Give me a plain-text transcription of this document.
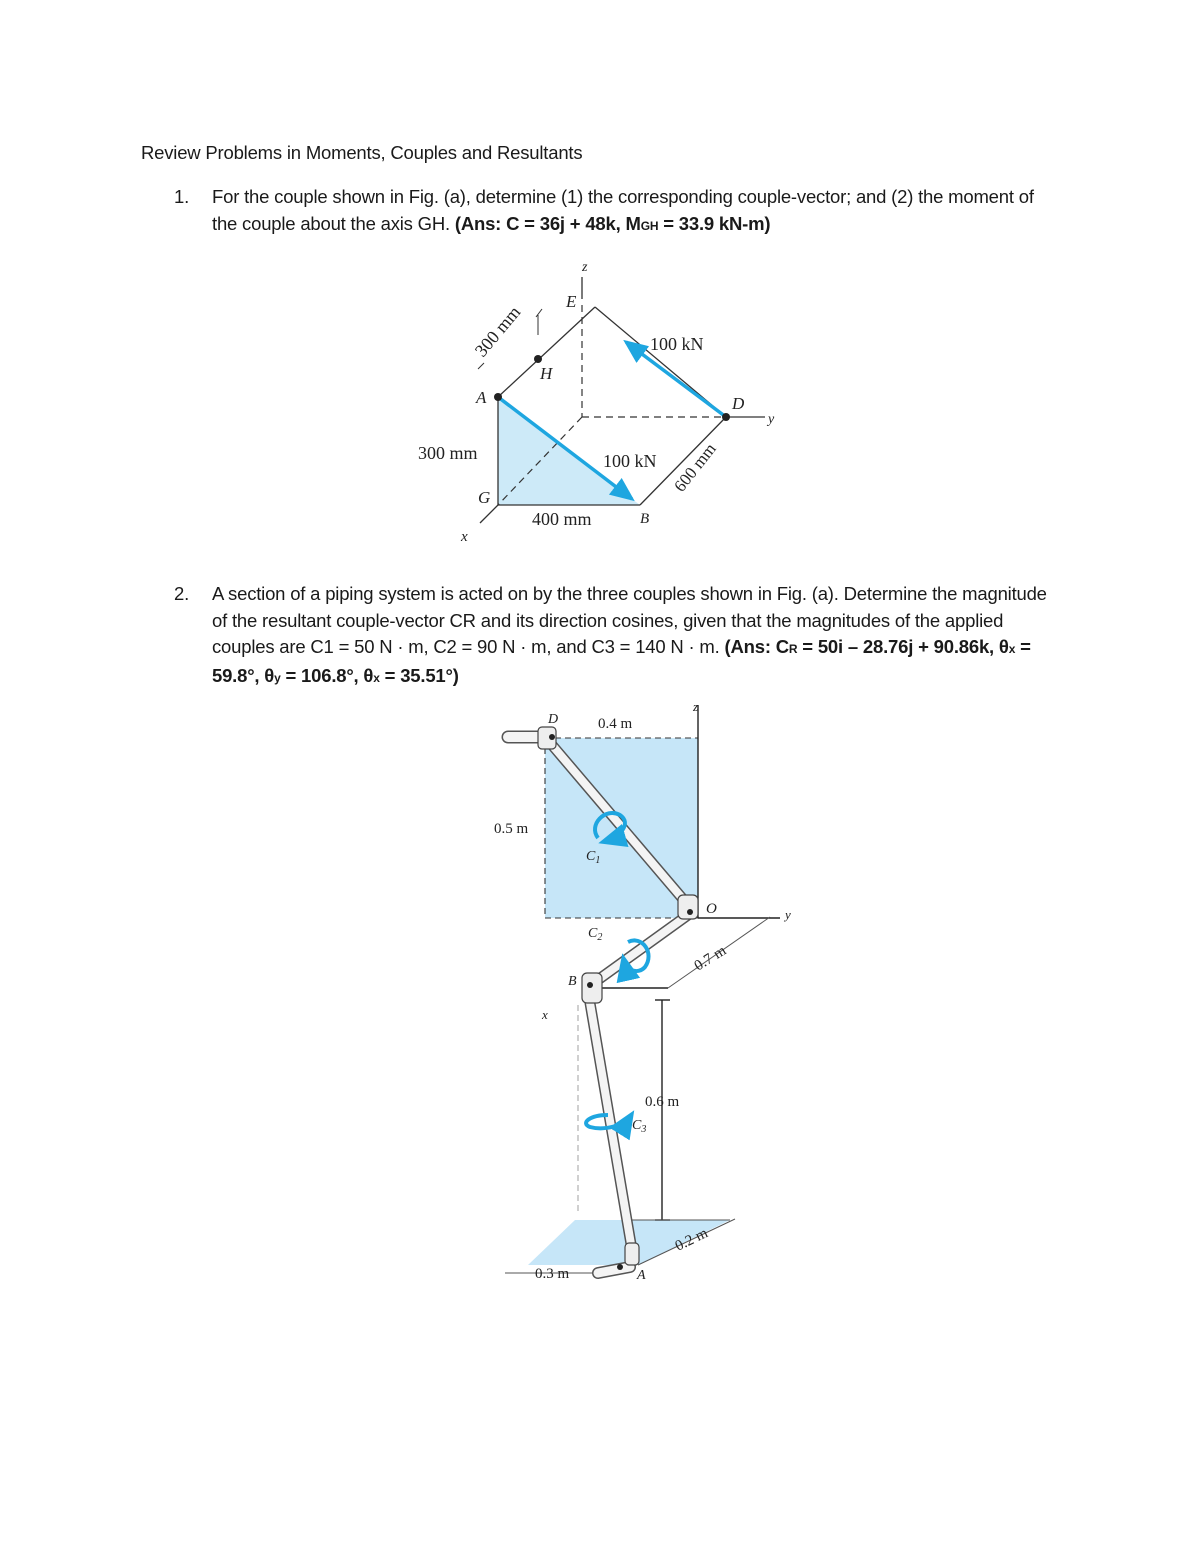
Review Problems in Moments, Couples and Resultants
1. For the couple shown in Fig. (a), determine (1) the corresponding couple-vector; and (2) the moment of the couple about the axis GH. (Ans: C = 36j + 48k, MGH = 33.9 kN-m)
z
E
H
A	D
y
G
B
x
300 mm
300 mm
400 mm
600 mm
100 kN
100 kN
2. A section of a piping system is acted on by the three couples shown in Fig. (a). Determine the magnitude of the resultant couple-vector CR and its direction cosines, given that the magnitudes of the applied couples are C1 = 50 N · m, C2 = 90 N · m, and C3 = 140 N · m. (Ans: CR = 50i – 28.76j + 90.86k, θx = 59.8°, θy = 106.8°, θx = 35.51°)
D
z
O	y
B
x
A
$C_1$
$C_2$
$C_3$
0.4 m
0.5 m
0.7 m
0.6 m
0.3 m
0.2 m
